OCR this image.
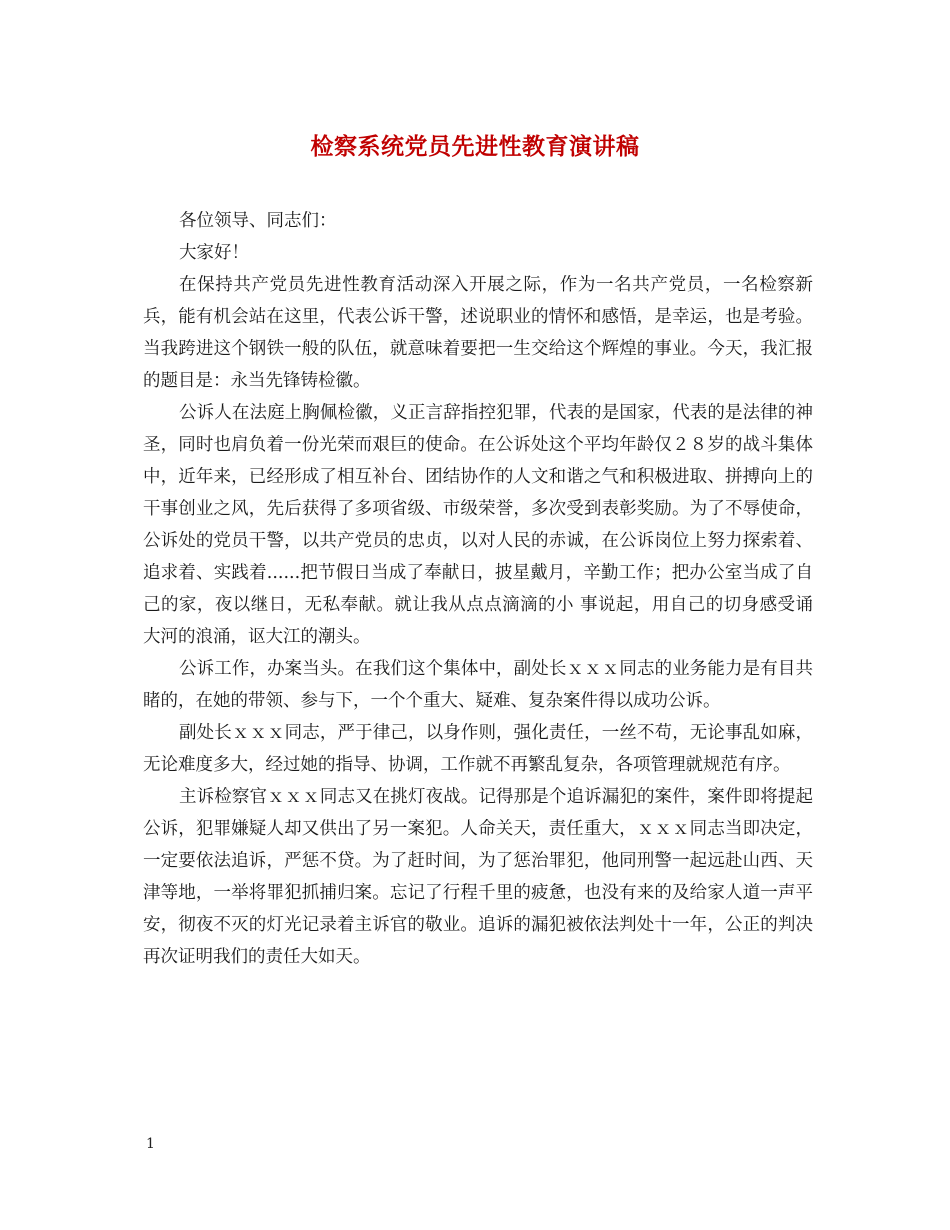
检察系统党员先进性教育演讲稿

各位领导、同志们：

大家好！

在保持共产党员先进性教育活动深入开展之际，作为一名共产党员，一名检察新兵，能有机会站在这里，代表公诉干警，述说职业的情怀和感悟，是幸运，也是考验。当我跨进这个钢铁一般的队伍，就意味着要把一生交给这个辉煌的事业。今天，我汇报的题目是：永当先锋铸检徽。

公诉人在法庭上胸佩检徽，义正言辞指控犯罪，代表的是国家，代表的是法律的神圣，同时也肩负着一份光荣而艰巨的使命。在公诉处这个平均年龄仅２８岁的战斗集体中，近年来，已经形成了相互补台、团结协作的人文和谐之气和积极进取、拼搏向上的干事创业之风，先后获得了多项省级、市级荣誉，多次受到表彰奖励。为了不辱使命，公诉处的党员干警，以共产党员的忠贞，以对人民的赤诚，在公诉岗位上努力探索着、追求着、实践着......把节假日当成了奉献日，披星戴月，辛勤工作；把办公室当成了自己的家，夜以继日，无私奉献。就让我从点点滴滴的小 事说起，用自己的切身感受诵大河的浪涌，讴大江的潮头。

公诉工作，办案当头。在我们这个集体中，副处长ｘｘｘ同志的业务能力是有目共睹的，在她的带领、参与下，一个个重大、疑难、复杂案件得以成功公诉。

副处长ｘｘｘ同志，严于律己，以身作则，强化责任，一丝不苟，无论事乱如麻，无论难度多大，经过她的指导、协调，工作就不再繁乱复杂，各项管理就规范有序。

主诉检察官ｘｘｘ同志又在挑灯夜战。记得那是个追诉漏犯的案件，案件即将提起公诉，犯罪嫌疑人却又供出了另一案犯。人命关天，责任重大，ｘｘｘ同志当即决定，一定要依法追诉，严惩不贷。为了赶时间，为了惩治罪犯，他同刑警一起远赴山西、天津等地，一举将罪犯抓捕归案。忘记了行程千里的疲惫，也没有来的及给家人道一声平安，彻夜不灭的灯光记录着主诉官的敬业。追诉的漏犯被依法判处十一年，公正的判决再次证明我们的责任大如天。

1
